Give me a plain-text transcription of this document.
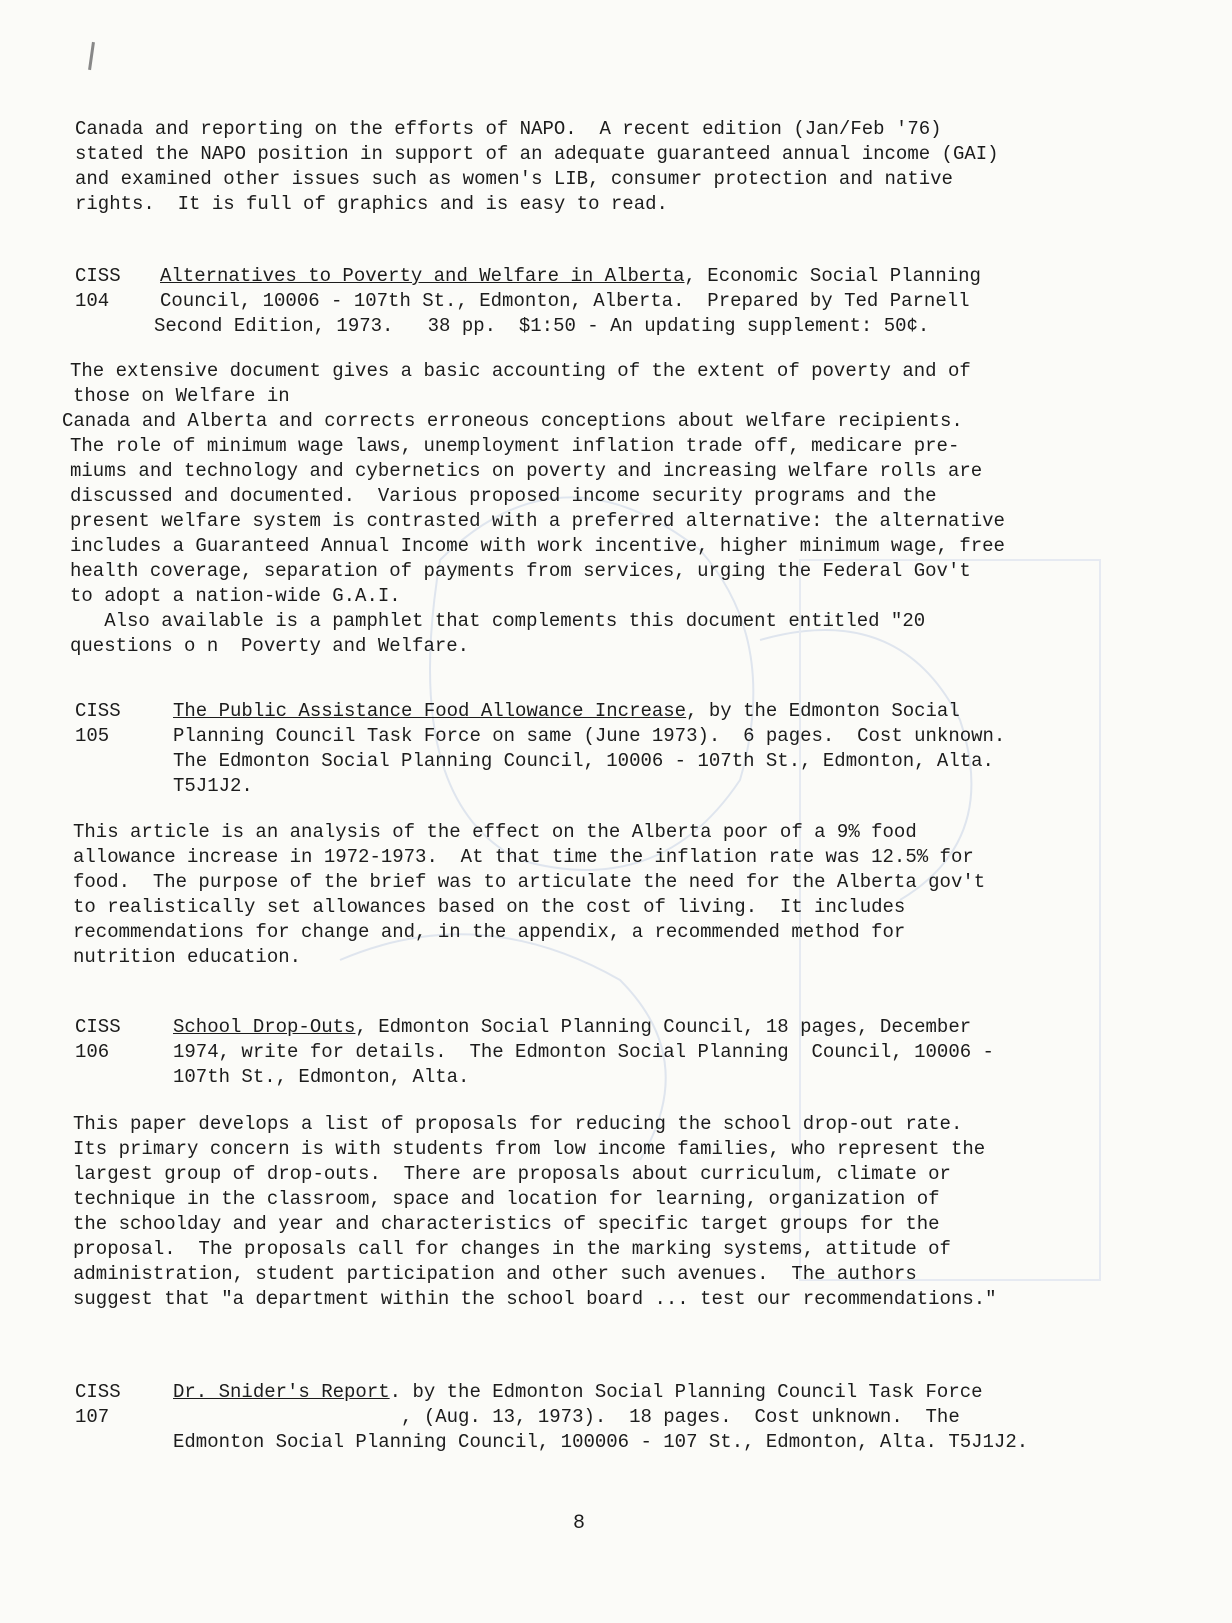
Canada and reporting on the efforts of NAPO.  A recent edition (Jan/Feb '76)

stated the NAPO position in support of an adequate guaranteed annual income (GAI)

and examined other issues such as women's LIB, consumer protection and native

rights.  It is full of graphics and is easy to read.

CISS
104

Alternatives to Poverty and Welfare in Alberta, Economic Social Planning

Council, 10006 - 107th St., Edmonton, Alberta.  Prepared by Ted Parnell

Second Edition, 1973.   38 pp.  $1:50 - An updating supplement: 50¢.

The extensive document gives a basic accounting of the extent of poverty and of

those on Welfare in

Canada and Alberta and corrects erroneous conceptions about welfare recipients.

The role of minimum wage laws, unemployment inflation trade off, medicare pre-

miums and technology and cybernetics on poverty and increasing welfare rolls are

discussed and documented.  Various proposed income security programs and the

present welfare system is contrasted with a preferred alternative: the alternative

includes a Guaranteed Annual Income with work incentive, higher minimum wage, free

health coverage, separation of payments from services, urging the Federal Gov't

to adopt a nation-wide G.A.I.

Also available is a pamphlet that complements this document entitled "20

questions o n  Poverty and Welfare.

CISS
105

The Public Assistance Food Allowance Increase, by the Edmonton Social

Planning Council Task Force on same (June 1973).  6 pages.  Cost unknown.

The Edmonton Social Planning Council, 10006 - 107th St., Edmonton, Alta.

T5J1J2.

This article is an analysis of the effect on the Alberta poor of a 9% food

allowance increase in 1972-1973.  At that time the inflation rate was 12.5% for

food.  The purpose of the brief was to articulate the need for the Alberta gov't

to realistically set allowances based on the cost of living.  It includes

recommendations for change and, in the appendix, a recommended method for

nutrition education.

CISS
106

School Drop-Outs, Edmonton Social Planning Council, 18 pages, December

1974, write for details.  The Edmonton Social Planning  Council, 10006 -

107th St., Edmonton, Alta.

This paper develops a list of proposals for reducing the school drop-out rate.

Its primary concern is with students from low income families, who represent the

largest group of drop-outs.  There are proposals about curriculum, climate or

technique in the classroom, space and location for learning, organization of

the schoolday and year and characteristics of specific target groups for the

proposal.  The proposals call for changes in the marking systems, attitude of

administration, student participation and other such avenues.  The authors

suggest that "a department within the school board ... test our recommendations."

CISS
107

Dr. Snider's Report. by the Edmonton Social Planning Council Task Force

, (Aug. 13, 1973).  18 pages.  Cost unknown.  The

Edmonton Social Planning Council, 100006 - 107 St., Edmonton, Alta. T5J1J2.

8
